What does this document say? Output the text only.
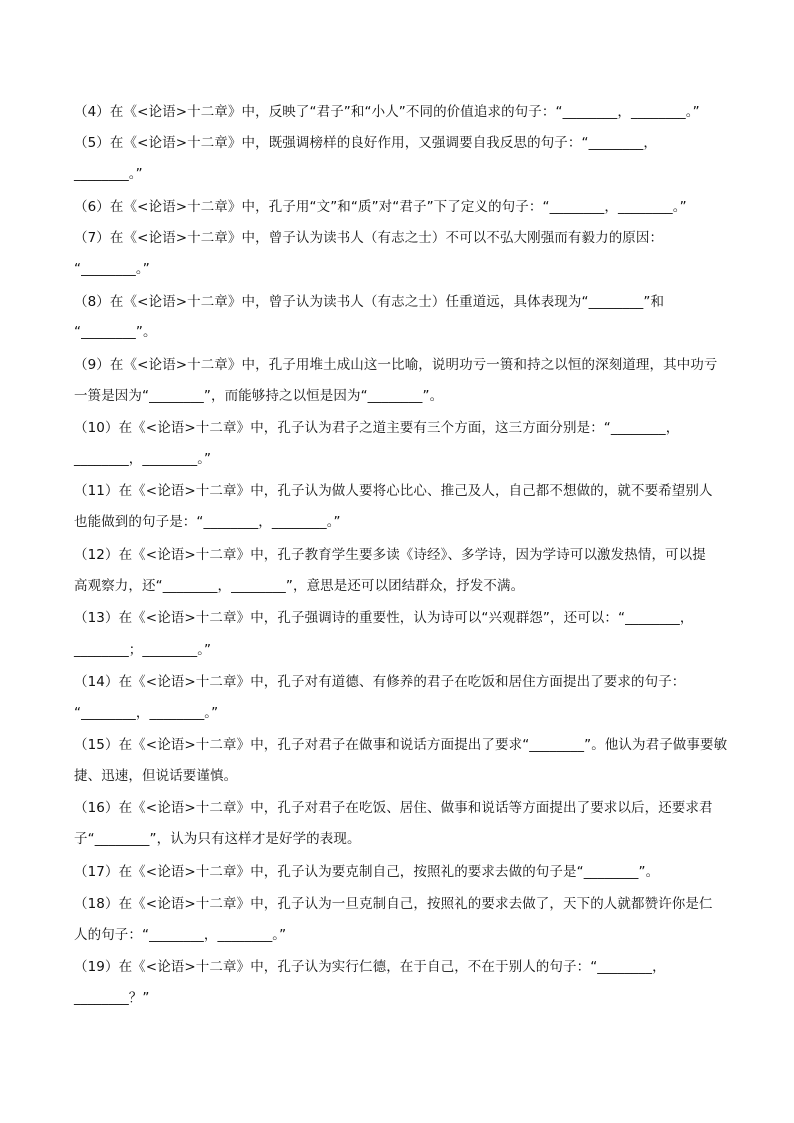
（4）在《<论语>十二章》中，反映了“君子”和“小人”不同的价值追求的句子：“________，________。”
（5）在《<论语>十二章》中，既强调榜样的良好作用，又强调要自我反思的句子：“________，
________。”
（6）在《<论语>十二章》中，孔子用“文”和“质”对“君子”下了定义的句子：“________，________。”
（7）在《<论语>十二章》中，曾子认为读书人（有志之士）不可以不弘大刚强而有毅力的原因：
“________。”
（8）在《<论语>十二章》中，曾子认为读书人（有志之士）任重道远，具体表现为“________”和
“________”。
（9）在《<论语>十二章》中，孔子用堆土成山这一比喻，说明功亏一篑和持之以恒的深刻道理，其中功亏
一篑是因为“________”，而能够持之以恒是因为“________”。
（10）在《<论语>十二章》中，孔子认为君子之道主要有三个方面，这三方面分别是：“________，
________，________。”
（11）在《<论语>十二章》中，孔子认为做人要将心比心、推己及人，自己都不想做的，就不要希望别人
也能做到的句子是：“________，________。”
（12）在《<论语>十二章》中，孔子教育学生要多读《诗经》、多学诗，因为学诗可以激发热情，可以提
高观察力，还“________，________”，意思是还可以团结群众，抒发不满。
（13）在《<论语>十二章》中，孔子强调诗的重要性，认为诗可以“兴观群怨”，还可以：“________，
________；________。”
（14）在《<论语>十二章》中，孔子对有道德、有修养的君子在吃饭和居住方面提出了要求的句子：
“________，________。”
（15）在《<论语>十二章》中，孔子对君子在做事和说话方面提出了要求“________”。他认为君子做事要敏
捷、迅速，但说话要谨慎。
（16）在《<论语>十二章》中，孔子对君子在吃饭、居住、做事和说话等方面提出了要求以后，还要求君
子“________”，认为只有这样才是好学的表现。
（17）在《<论语>十二章》中，孔子认为要克制自己，按照礼的要求去做的句子是“________”。
（18）在《<论语>十二章》中，孔子认为一旦克制自己，按照礼的要求去做了，天下的人就都赞许你是仁
人的句子：“________，________。”
（19）在《<论语>十二章》中，孔子认为实行仁德，在于自己，不在于别人的句子：“________，
________？”
